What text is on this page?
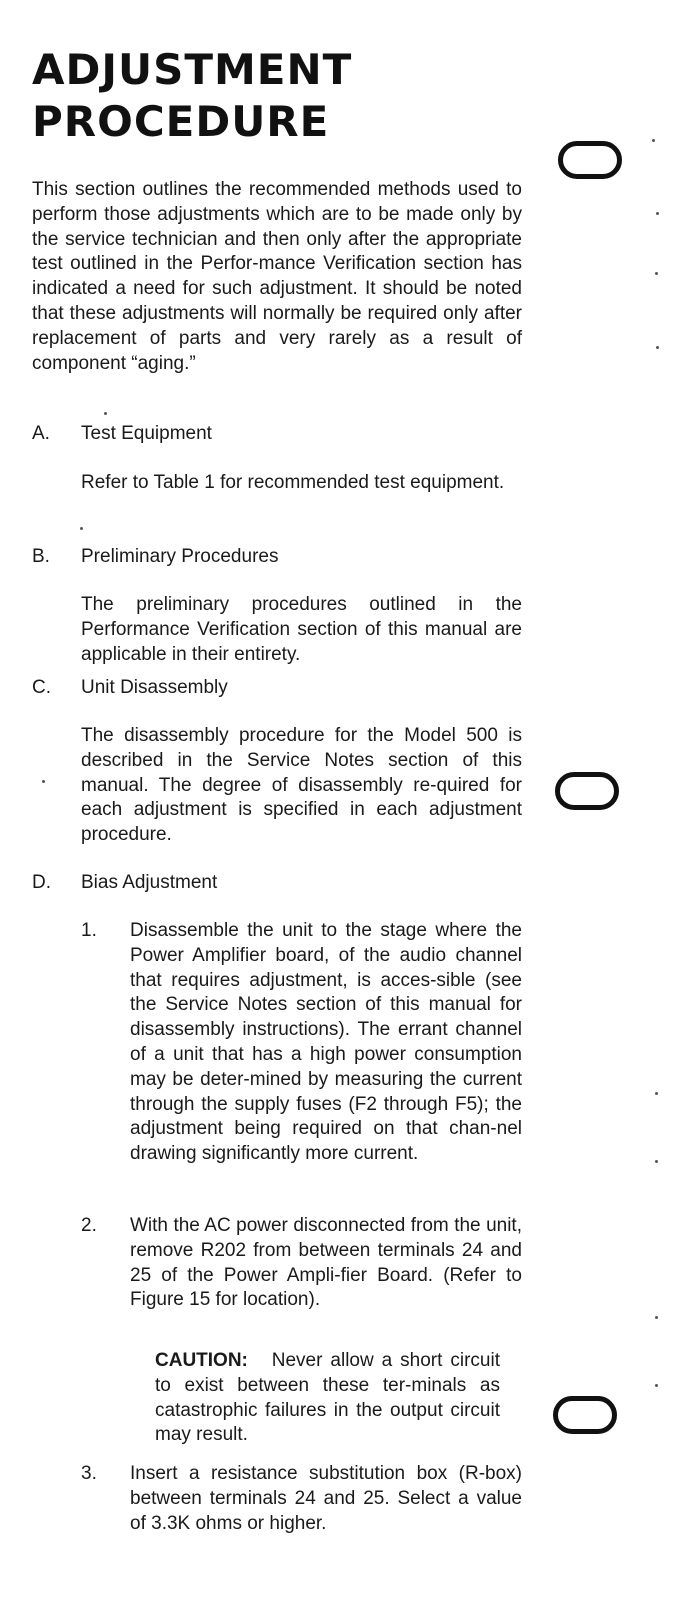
ADJUSTMENT
PROCEDURE

This section outlines the recommended methods used to perform those adjustments which are to be made only by the service technician and then only after the appropriate test outlined in the Perfor-mance Verification section has indicated a need for such adjustment. It should be noted that these adjustments will normally be required only after replacement of parts and very rarely as a result of component “aging.”

A. Test Equipment

Refer to Table 1 for recommended test equipment.

B. Preliminary Procedures

The preliminary procedures outlined in the Performance Verification section of this manual are applicable in their entirety.

C. Unit Disassembly

The disassembly procedure for the Model 500 is described in the Service Notes section of this manual. The degree of disassembly re-quired for each adjustment is specified in each adjustment procedure.

D. Bias Adjustment
1. Disassemble the unit to the stage where the Power Amplifier board, of the audio channel that requires adjustment, is acces-sible (see the Service Notes section of this manual for disassembly instructions). The errant channel of a unit that has a high power consumption may be deter-mined by measuring the current through the supply fuses (F2 through F5); the adjustment being required on that chan-nel drawing significantly more current.

2. With the AC power disconnected from the unit, remove R202 from between terminals 24 and 25 of the Power Ampli-fier Board. (Refer to Figure 15 for location).

CAUTION: Never allow a short circuit to exist between these ter-minals as catastrophic failures in the output circuit may result.

3. Insert a resistance substitution box (R-box) between terminals 24 and 25. Select a value of 3.3K ohms or higher.
